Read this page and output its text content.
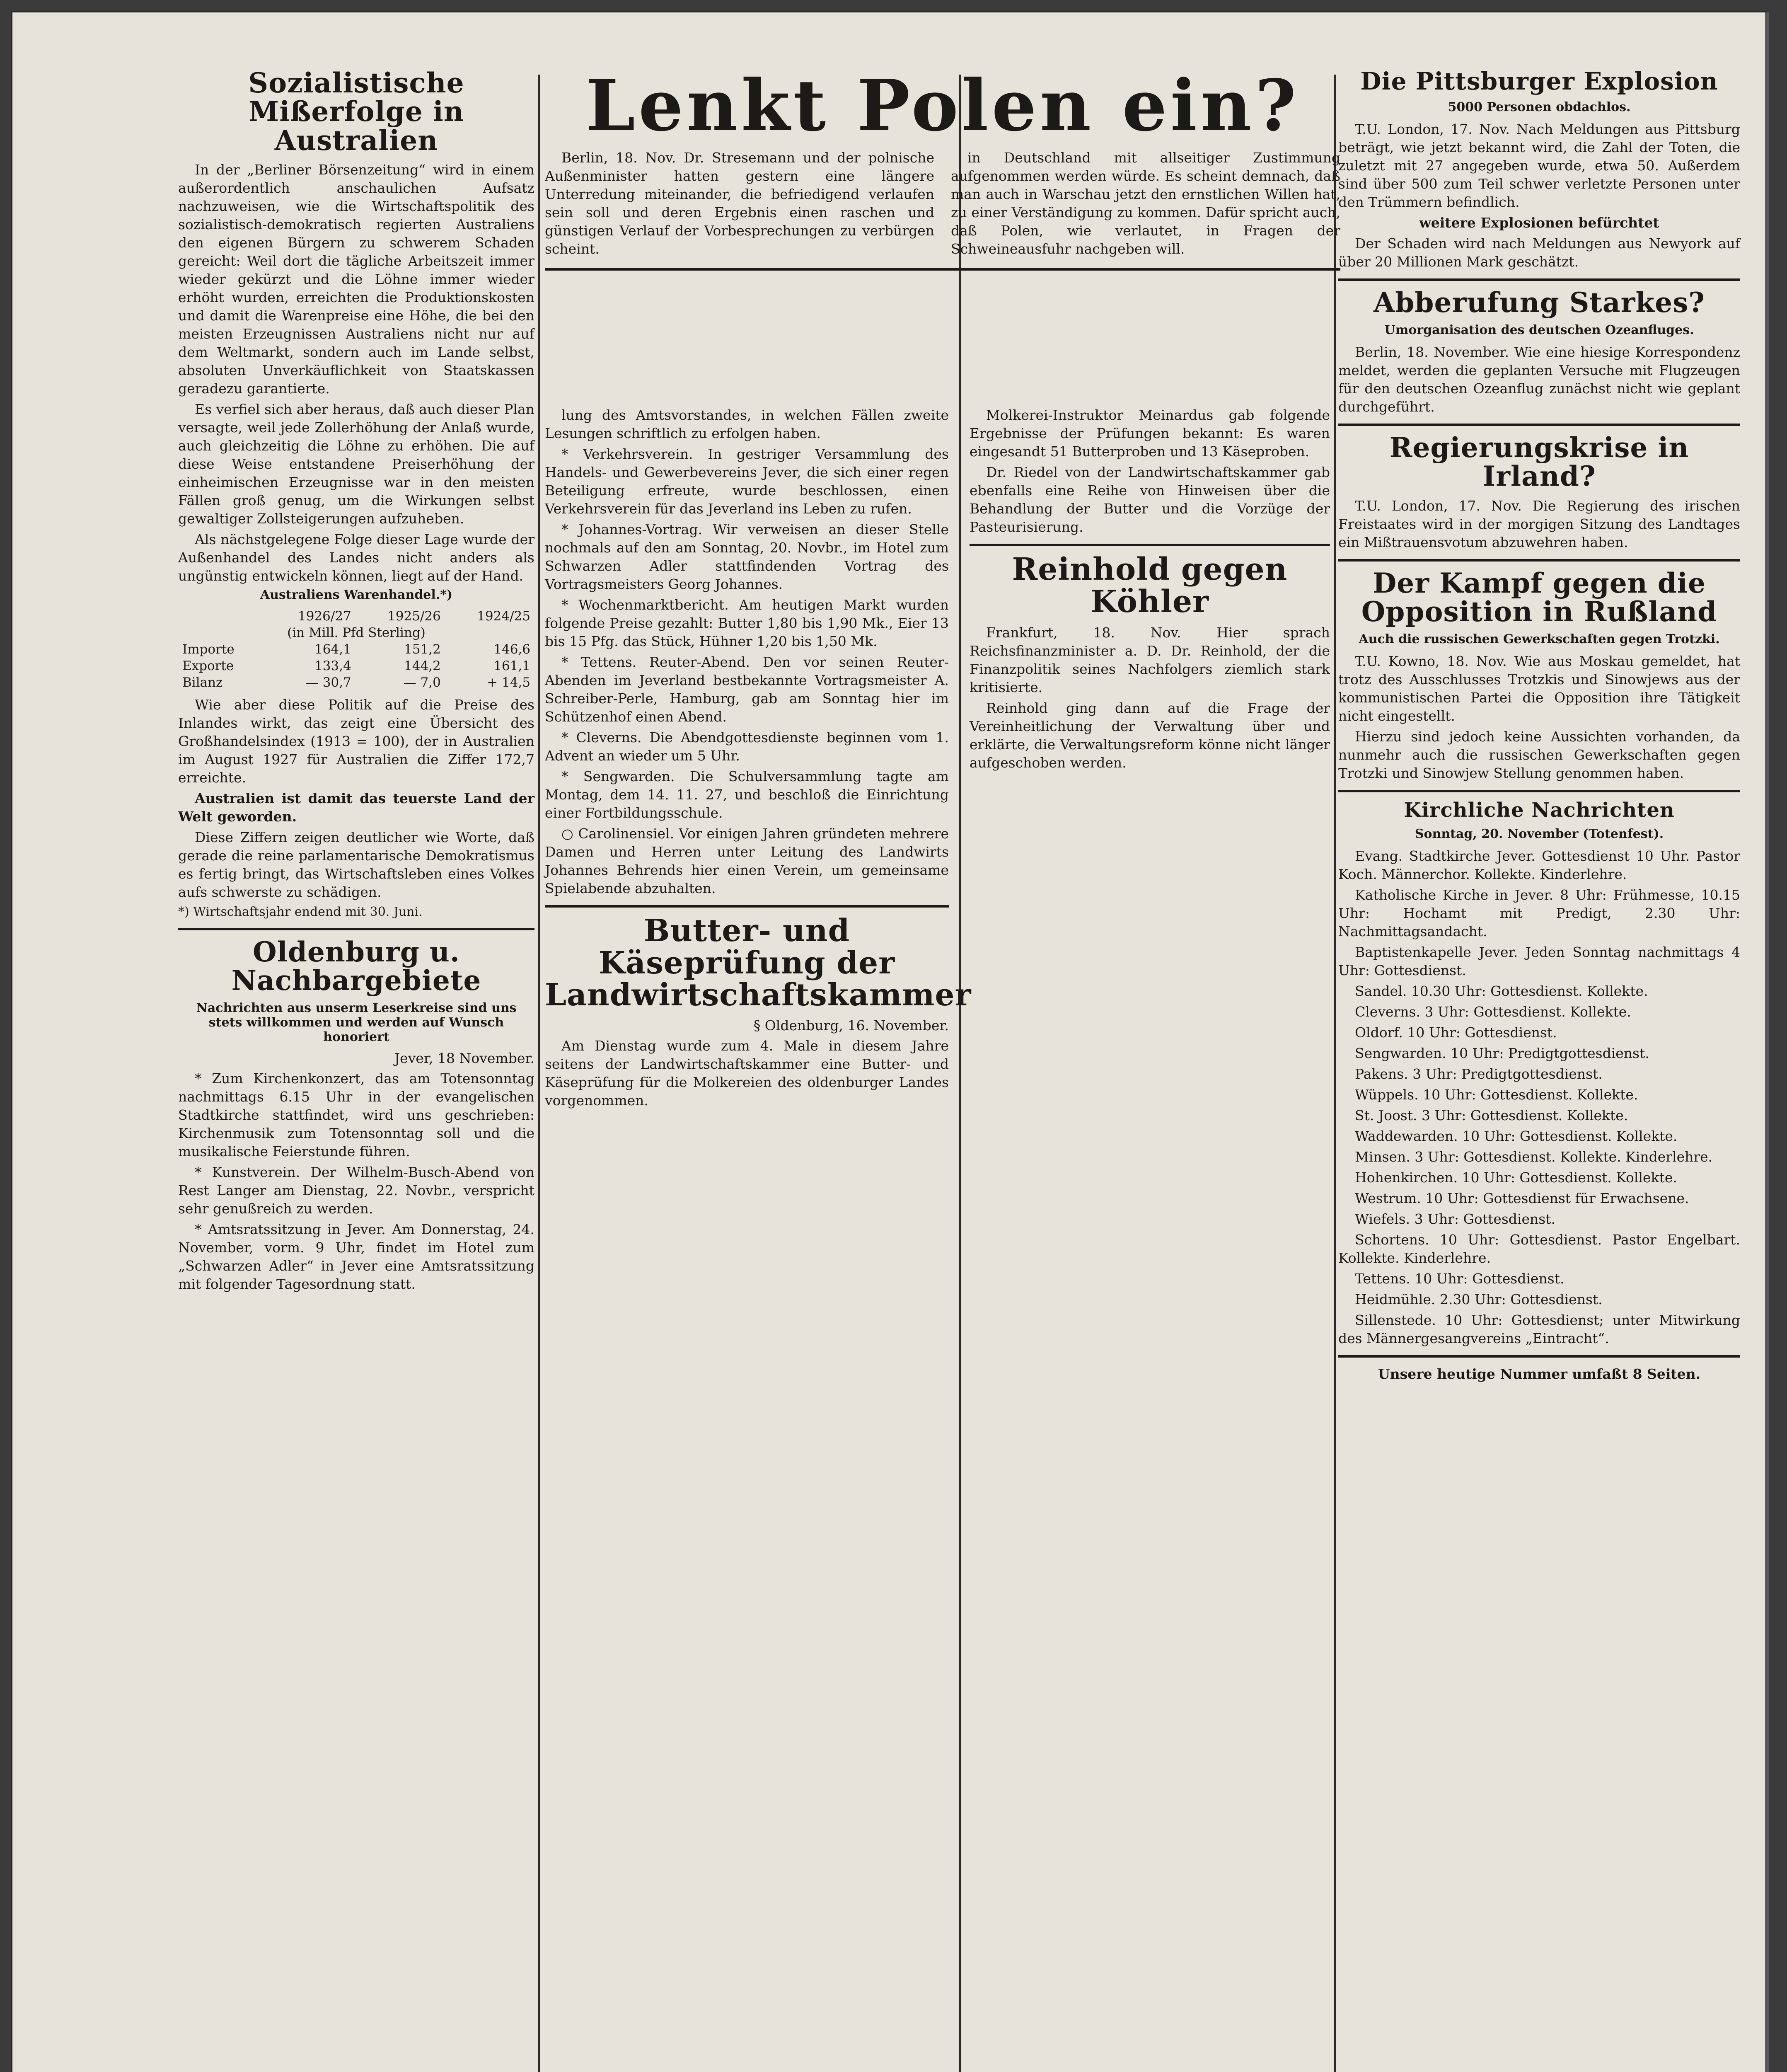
Sozialistische Mißerfolge in Australien

In der „Berliner Börsenzeitung“ wird in einem außerordentlich anschaulichen Aufsatz nachzuweisen, wie die Wirtschaftspolitik des sozialistisch-demokratisch regierten Australiens den eigenen Bürgern zu schwerem Schaden gereicht: Weil dort die tägliche Arbeitszeit immer wieder gekürzt und die Löhne immer wieder erhöht wurden, erreichten die Produktionskosten und damit die Warenpreise eine Höhe, die bei den meisten Erzeugnissen Australiens nicht nur auf dem Weltmarkt, sondern auch im Lande selbst, absoluten Unverkäuflichkeit von Staatskassen geradezu garantierte.

Es verfiel sich aber heraus, daß auch dieser Plan versagte, weil jede Zollerhöhung der Anlaß wurde, auch gleichzeitig die Löhne zu erhöhen. Die auf diese Weise entstandene Preiserhöhung der einheimischen Erzeugnisse war in den meisten Fällen groß genug, um die Wirkungen selbst gewaltiger Zollsteigerungen aufzuheben.

Als nächstgelegene Folge dieser Lage wurde der Außenhandel des Landes nicht anders als ungünstig entwickeln können, liegt auf der Hand.

Australiens Warenhandel.*)
	1926/27	1925/26	1924/25
(in Mill. Pfd Sterling)			
Importe	164,1	151,2	146,6
Exporte	133,4	144,2	161,1
Bilanz	— 30,7	— 7,0	+ 14,5

Wie aber diese Politik auf die Preise des Inlandes wirkt, das zeigt eine Übersicht des Großhandelsindex (1913 = 100), der in Australien im August 1927 für Australien die Ziffer 172,7 erreichte.

Australien ist damit das teuerste Land der Welt geworden.

Diese Ziffern zeigen deutlicher wie Worte, daß gerade die reine parlamentarische Demokratismus es fertig bringt, das Wirtschaftsleben eines Volkes aufs schwerste zu schädigen.

*) Wirtschaftsjahr endend mit 30. Juni.

Oldenburg u. Nachbargebiete
Nachrichten aus unserm Leserkreise sind uns stets willkommen und werden auf Wunsch honoriert
Jever, 18 November.

* Zum Kirchenkonzert, das am Totensonntag nachmittags 6.15 Uhr in der evangelischen Stadtkirche stattfindet, wird uns geschrieben: Kirchenmusik zum Totensonntag soll und die musikalische Feierstunde führen.

* Kunstverein. Der Wilhelm-Busch-Abend von Rest Langer am Dienstag, 22. Novbr., verspricht sehr genußreich zu werden.

* Amtsratssitzung in Jever. Am Donnerstag, 24. November, vorm. 9 Uhr, findet im Hotel zum „Schwarzen Adler“ in Jever eine Amtsratssitzung mit folgender Tagesordnung statt.

Lenkt Polen ein?

Berlin, 18. Nov. Dr. Stresemann und der polnische Außenminister hatten gestern eine längere Unterredung miteinander, die befriedigend verlaufen sein soll und deren Ergebnis einen raschen und günstigen Verlauf der Vorbesprechungen zu verbürgen scheint.

in Deutschland mit allseitiger Zustimmung aufgenommen werden würde. Es scheint demnach, daß man auch in Warschau jetzt den ernstlichen Willen hat, zu einer Verständigung zu kommen. Dafür spricht auch, daß Polen, wie verlautet, in Fragen der Schweineausfuhr nachgeben will.

lung des Amtsvorstandes, in welchen Fällen zweite Lesungen schriftlich zu erfolgen haben.

* Verkehrsverein. In gestriger Versammlung des Handels- und Gewerbevereins Jever, die sich einer regen Beteiligung erfreute, wurde beschlossen, einen Verkehrsverein für das Jeverland ins Leben zu rufen.

* Johannes-Vortrag. Wir verweisen an dieser Stelle nochmals auf den am Sonntag, 20. Novbr., im Hotel zum Schwarzen Adler stattfindenden Vortrag des Vortragsmeisters Georg Johannes.

* Wochenmarktbericht. Am heutigen Markt wurden folgende Preise gezahlt: Butter 1,80 bis 1,90 Mk., Eier 13 bis 15 Pfg. das Stück, Hühner 1,20 bis 1,50 Mk.

* Tettens. Reuter-Abend. Den vor seinen Reuter-Abenden im Jeverland bestbekannte Vortragsmeister A. Schreiber-Perle, Hamburg, gab am Sonntag hier im Schützenhof einen Abend.

* Cleverns. Die Abendgottesdienste beginnen vom 1. Advent an wieder um 5 Uhr.

* Sengwarden. Die Schulversammlung tagte am Montag, dem 14. 11. 27, und beschloß die Einrichtung einer Fortbildungsschule.

○ Carolinensiel. Vor einigen Jahren gründeten mehrere Damen und Herren unter Leitung des Landwirts Johannes Behrends hier einen Verein, um gemeinsame Spielabende abzuhalten.

Butter- und Käseprüfung der Landwirtschaftskammer
§ Oldenburg, 16. November.

Am Dienstag wurde zum 4. Male in diesem Jahre seitens der Landwirtschaftskammer eine Butter- und Käseprüfung für die Molkereien des oldenburger Landes vorgenommen.

Molkerei-Instruktor Meinardus gab folgende Ergebnisse der Prüfungen bekannt: Es waren eingesandt 51 Butterproben und 13 Käseproben.

Dr. Riedel von der Landwirtschaftskammer gab ebenfalls eine Reihe von Hinweisen über die Behandlung der Butter und die Vorzüge der Pasteurisierung.

Reinhold gegen Köhler

Frankfurt, 18. Nov. Hier sprach Reichsfinanzminister a. D. Dr. Reinhold, der die Finanzpolitik seines Nachfolgers ziemlich stark kritisierte.

Reinhold ging dann auf die Frage der Vereinheitlichung der Verwaltung über und erklärte, die Verwaltungsreform könne nicht länger aufgeschoben werden.

Die Pittsburger Explosion
5000 Personen obdachlos.

T.U. London, 17. Nov. Nach Meldungen aus Pittsburg beträgt, wie jetzt bekannt wird, die Zahl der Toten, die zuletzt mit 27 angegeben wurde, etwa 50. Außerdem sind über 500 zum Teil schwer verletzte Personen unter den Trümmern befindlich.

weitere Explosionen befürchtet

Der Schaden wird nach Meldungen aus Newyork auf über 20 Millionen Mark geschätzt.

Abberufung Starkes?
Umorganisation des deutschen Ozeanfluges.

Berlin, 18. November. Wie eine hiesige Korrespondenz meldet, werden die geplanten Versuche mit Flugzeugen für den deutschen Ozeanflug zunächst nicht wie geplant durchgeführt.

Regierungskrise in Irland?

T.U. London, 17. Nov. Die Regierung des irischen Freistaates wird in der morgigen Sitzung des Landtages ein Mißtrauensvotum abzuwehren haben.

Der Kampf gegen die Opposition in Rußland
Auch die russischen Gewerkschaften gegen Trotzki.

T.U. Kowno, 18. Nov. Wie aus Moskau gemeldet, hat trotz des Ausschlusses Trotzkis und Sinowjews aus der kommunistischen Partei die Opposition ihre Tätigkeit nicht eingestellt.

Hierzu sind jedoch keine Aussichten vorhanden, da nunmehr auch die russischen Gewerkschaften gegen Trotzki und Sinowjew Stellung genommen haben.

Kirchliche Nachrichten
Sonntag, 20. November (Totenfest).

Evang. Stadtkirche Jever. Gottesdienst 10 Uhr. Pastor Koch. Männerchor. Kollekte. Kinderlehre.

Katholische Kirche in Jever. 8 Uhr: Frühmesse, 10.15 Uhr: Hochamt mit Predigt, 2.30 Uhr: Nachmittagsandacht.

Baptistenkapelle Jever. Jeden Sonntag nachmittags 4 Uhr: Gottesdienst.

Sandel. 10.30 Uhr: Gottesdienst. Kollekte.

Cleverns. 3 Uhr: Gottesdienst. Kollekte.

Oldorf. 10 Uhr: Gottesdienst.

Sengwarden. 10 Uhr: Predigtgottesdienst.

Pakens. 3 Uhr: Predigtgottesdienst.

Wüppels. 10 Uhr: Gottesdienst. Kollekte.

St. Joost. 3 Uhr: Gottesdienst. Kollekte.

Waddewarden. 10 Uhr: Gottesdienst. Kollekte.

Minsen. 3 Uhr: Gottesdienst. Kollekte. Kinderlehre.

Hohenkirchen. 10 Uhr: Gottesdienst. Kollekte.

Westrum. 10 Uhr: Gottesdienst für Erwachsene.

Wiefels. 3 Uhr: Gottesdienst.

Schortens. 10 Uhr: Gottesdienst. Pastor Engelbart. Kollekte. Kinderlehre.

Tettens. 10 Uhr: Gottesdienst.

Heidmühle. 2.30 Uhr: Gottesdienst.

Sillenstede. 10 Uhr: Gottesdienst; unter Mitwirkung des Männergesangvereins „Eintracht“.

Unsere heutige Nummer umfaßt 8 Seiten.
